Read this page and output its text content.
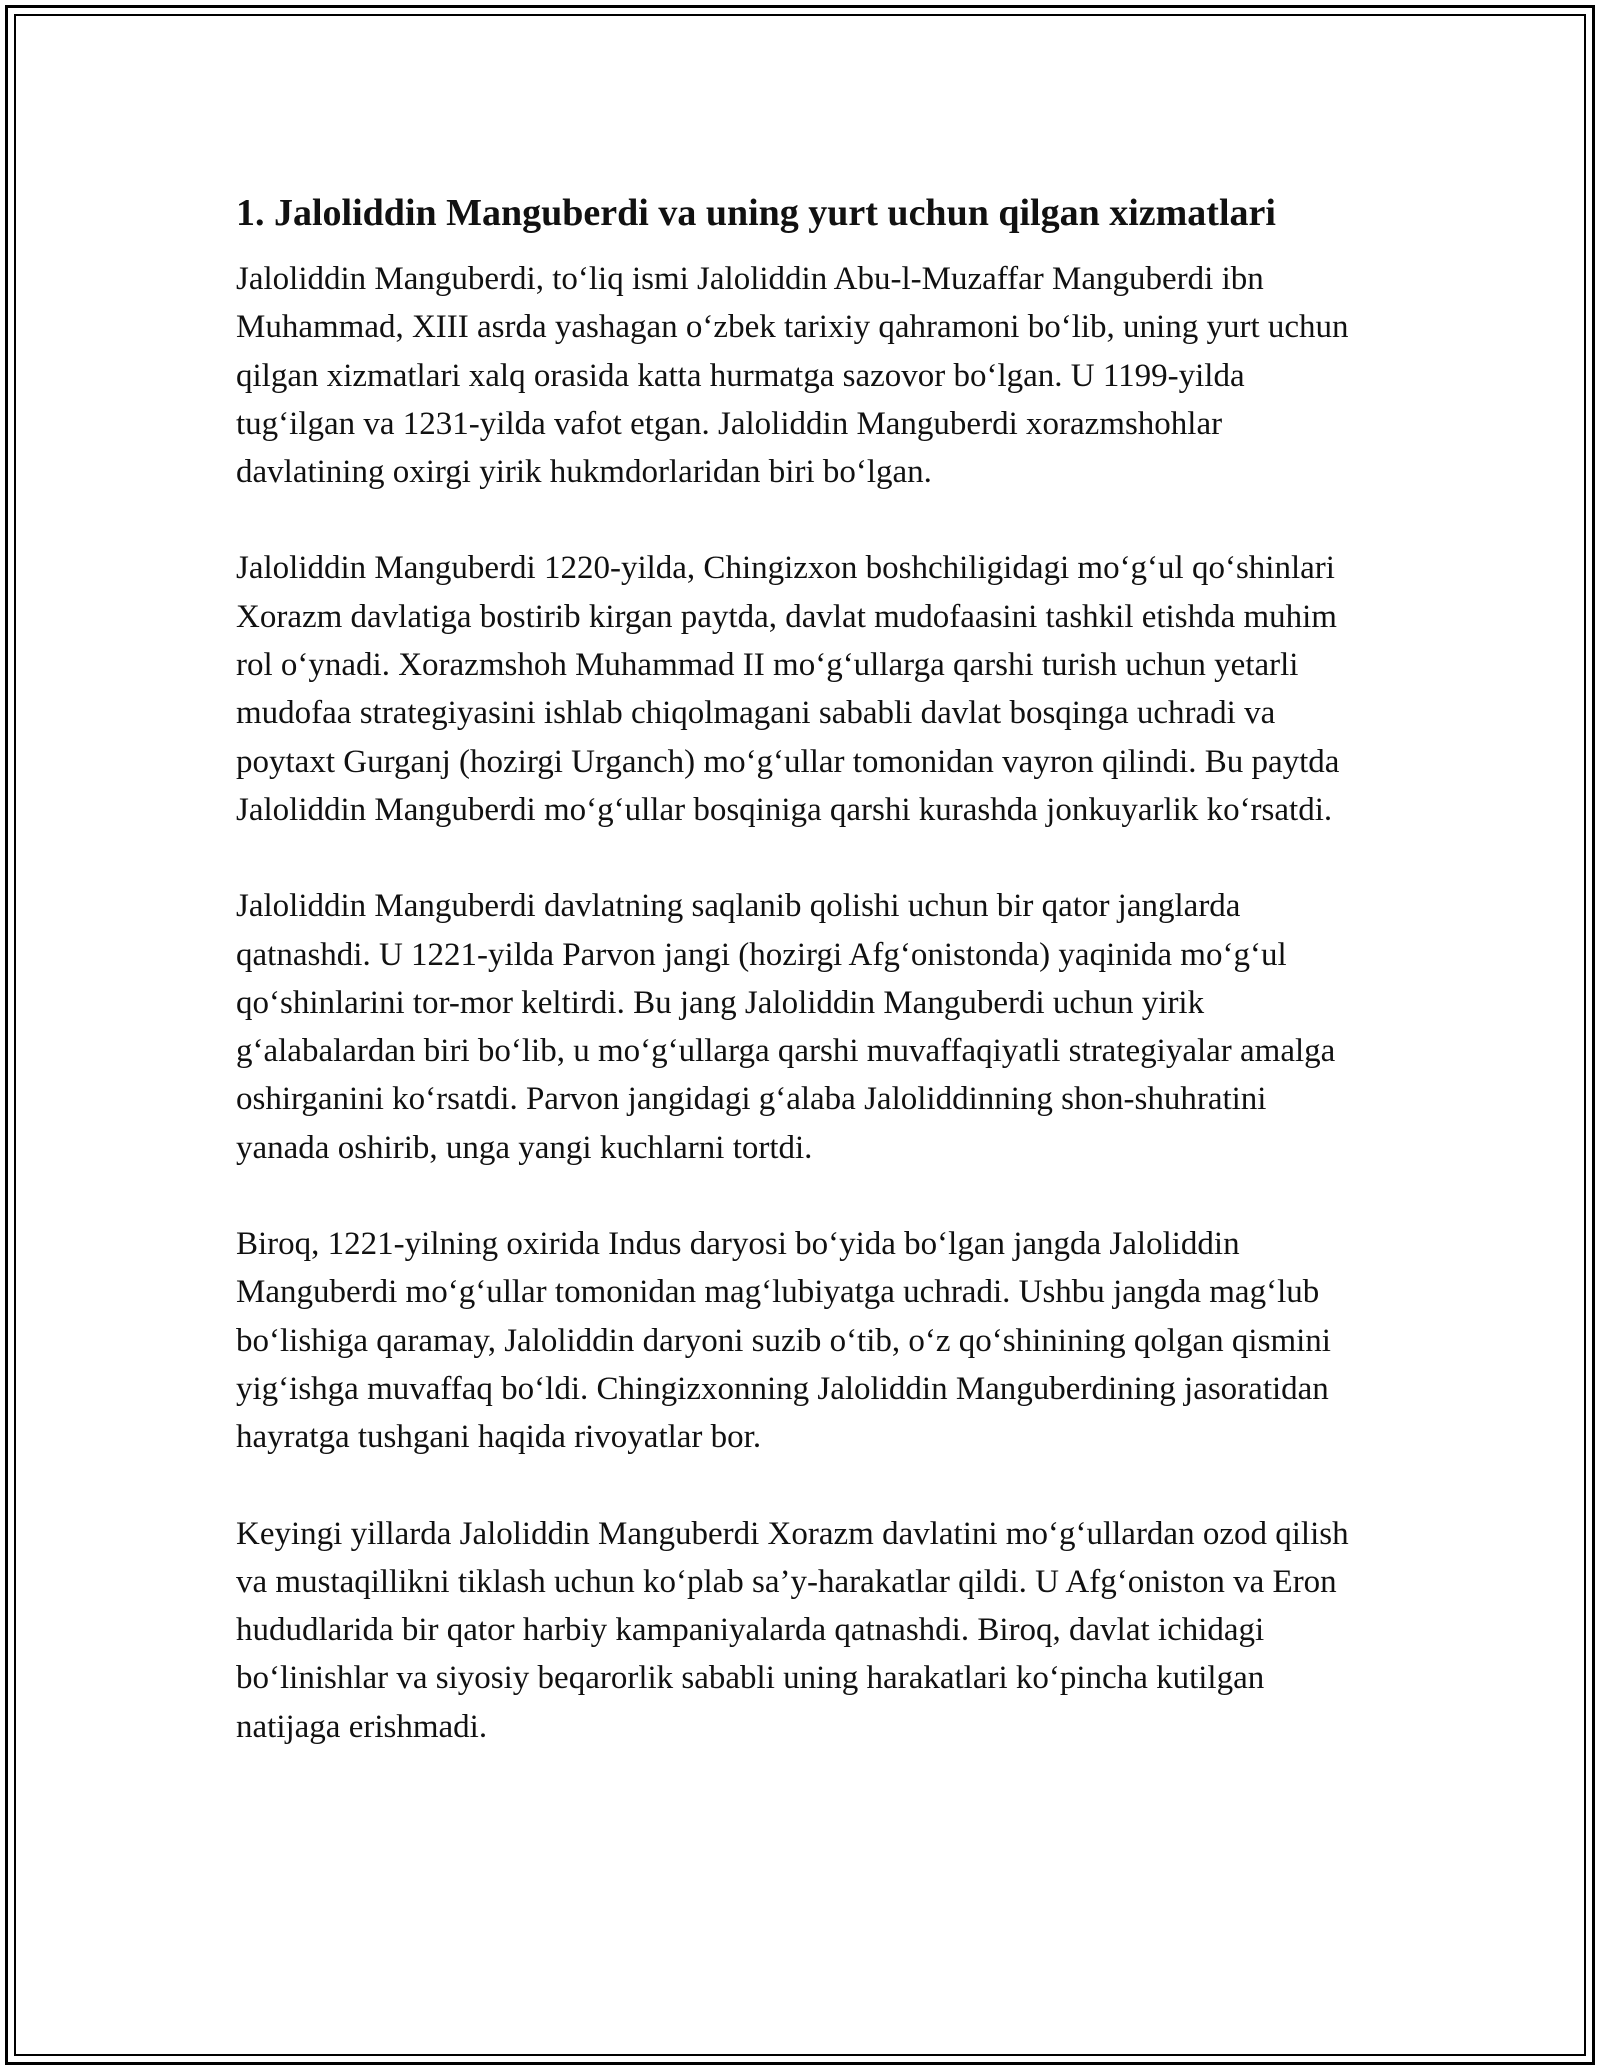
1. Jaloliddin Manguberdi va uning yurt uchun qilgan xizmatlari

Jaloliddin Manguberdi, to‘liq ismi Jaloliddin Abu-l-Muzaffar Manguberdi ibn Muhammad, XIII asrda yashagan o‘zbek tarixiy qahramoni bo‘lib, uning yurt uchun qilgan xizmatlari xalq orasida katta hurmatga sazovor bo‘lgan. U 1199-yilda tug‘ilgan va 1231-yilda vafot etgan. Jaloliddin Manguberdi xorazmshohlar davlatining oxirgi yirik hukmdorlaridan biri bo‘lgan.

Jaloliddin Manguberdi 1220-yilda, Chingizxon boshchiligidagi mo‘g‘ul qo‘shinlari Xorazm davlatiga bostirib kirgan paytda, davlat mudofaasini tashkil etishda muhim rol o‘ynadi. Xorazmshoh Muhammad II mo‘g‘ullarga qarshi turish uchun yetarli mudofaa strategiyasini ishlab chiqolmagani sababli davlat bosqinga uchradi va poytaxt Gurganj (hozirgi Urganch) mo‘g‘ullar tomonidan vayron qilindi. Bu paytda Jaloliddin Manguberdi mo‘g‘ullar bosqiniga qarshi kurashda jonkuyarlik ko‘rsatdi.

Jaloliddin Manguberdi davlatning saqlanib qolishi uchun bir qator janglarda qatnashdi. U 1221-yilda Parvon jangi (hozirgi Afg‘onistonda) yaqinida mo‘g‘ul qo‘shinlarini tor-mor keltirdi. Bu jang Jaloliddin Manguberdi uchun yirik g‘alabalardan biri bo‘lib, u mo‘g‘ullarga qarshi muvaffaqiyatli strategiyalar amalga oshirganini ko‘rsatdi. Parvon jangidagi g‘alaba Jaloliddinning shon-shuhratini yanada oshirib, unga yangi kuchlarni tortdi.

Biroq, 1221-yilning oxirida Indus daryosi bo‘yida bo‘lgan jangda Jaloliddin Manguberdi mo‘g‘ullar tomonidan mag‘lubiyatga uchradi. Ushbu jangda mag‘lub bo‘lishiga qaramay, Jaloliddin daryoni suzib o‘tib, o‘z qo‘shinining qolgan qismini yig‘ishga muvaffaq bo‘ldi. Chingizxonning Jaloliddin Manguberdining jasoratidan hayratga tushgani haqida rivoyatlar bor.

Keyingi yillarda Jaloliddin Manguberdi Xorazm davlatini mo‘g‘ullardan ozod qilish va mustaqillikni tiklash uchun ko‘plab sa’y-harakatlar qildi. U Afg‘oniston va Eron hududlarida bir qator harbiy kampaniyalarda qatnashdi. Biroq, davlat ichidagi bo‘linishlar va siyosiy beqarorlik sababli uning harakatlari ko‘pincha kutilgan natijaga erishmadi.
